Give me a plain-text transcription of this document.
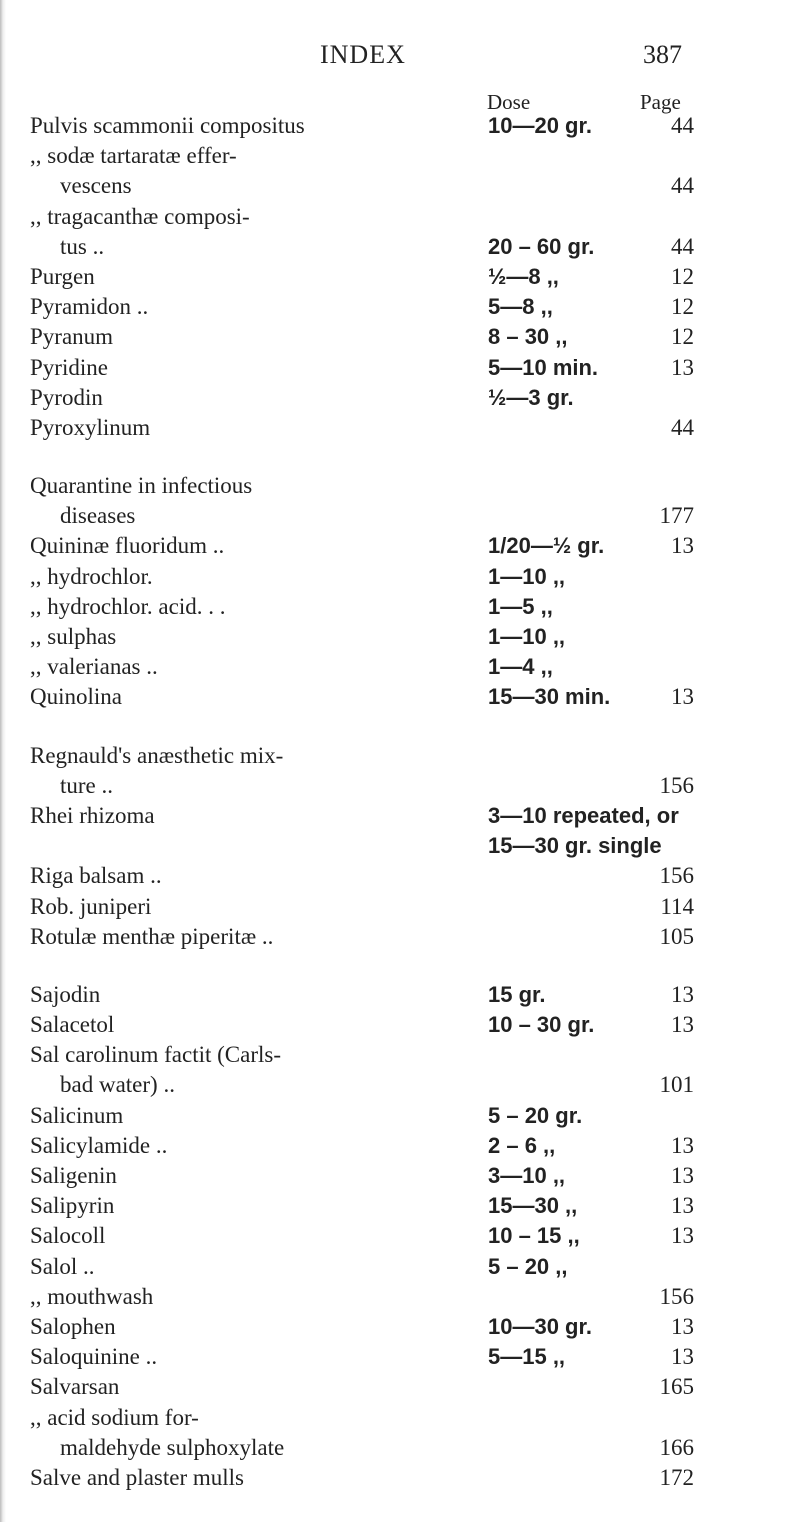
INDEX	387
Dose	Page
Pulvis scammonii compositus	10—20 gr.	44
,, sodæ tartaratæ effer-
vescens	44
,, tragacanthæ composi-
tus ..	20 – 60 gr.	44
Purgen	½—8 ,,	12
Pyramidon ..	5—8 ,,	12
Pyranum	8 – 30 ,,	12
Pyridine	5—10 min.	13
Pyrodin	½—3 gr.
Pyroxylinum	44
Quarantine in infectious
diseases	177
Quininæ fluoridum ..	1/20—½ gr.	13
,, hydrochlor.	1—10 ,,
,, hydrochlor. acid. . .	1—5 ,,
,, sulphas	1—10 ,,
,, valerianas ..	1—4 ,,
Quinolina	15—30 min.	13
Regnauld's anæsthetic mix-
ture ..	156
Rhei rhizoma	3—10 repeated, or
15—30 gr. single
Riga balsam ..	156
Rob. juniperi	114
Rotulæ menthæ piperitæ ..	105
Sajodin	15 gr.	13
Salacetol	10 – 30 gr.	13
Sal carolinum factit (Carls-
bad water) ..	101
Salicinum	5 – 20 gr.
Salicylamide ..	2 – 6 ,,	13
Saligenin	3—10 ,,	13
Salipyrin	15—30 ,,	13
Salocoll	10 – 15 ,,	13
Salol ..	5 – 20 ,,
,, mouthwash	156
Salophen	10—30 gr.	13
Saloquinine ..	5—15 ,,	13
Salvarsan	165
,, acid sodium for-
maldehyde sulphoxylate	166
Salve and plaster mulls	172
